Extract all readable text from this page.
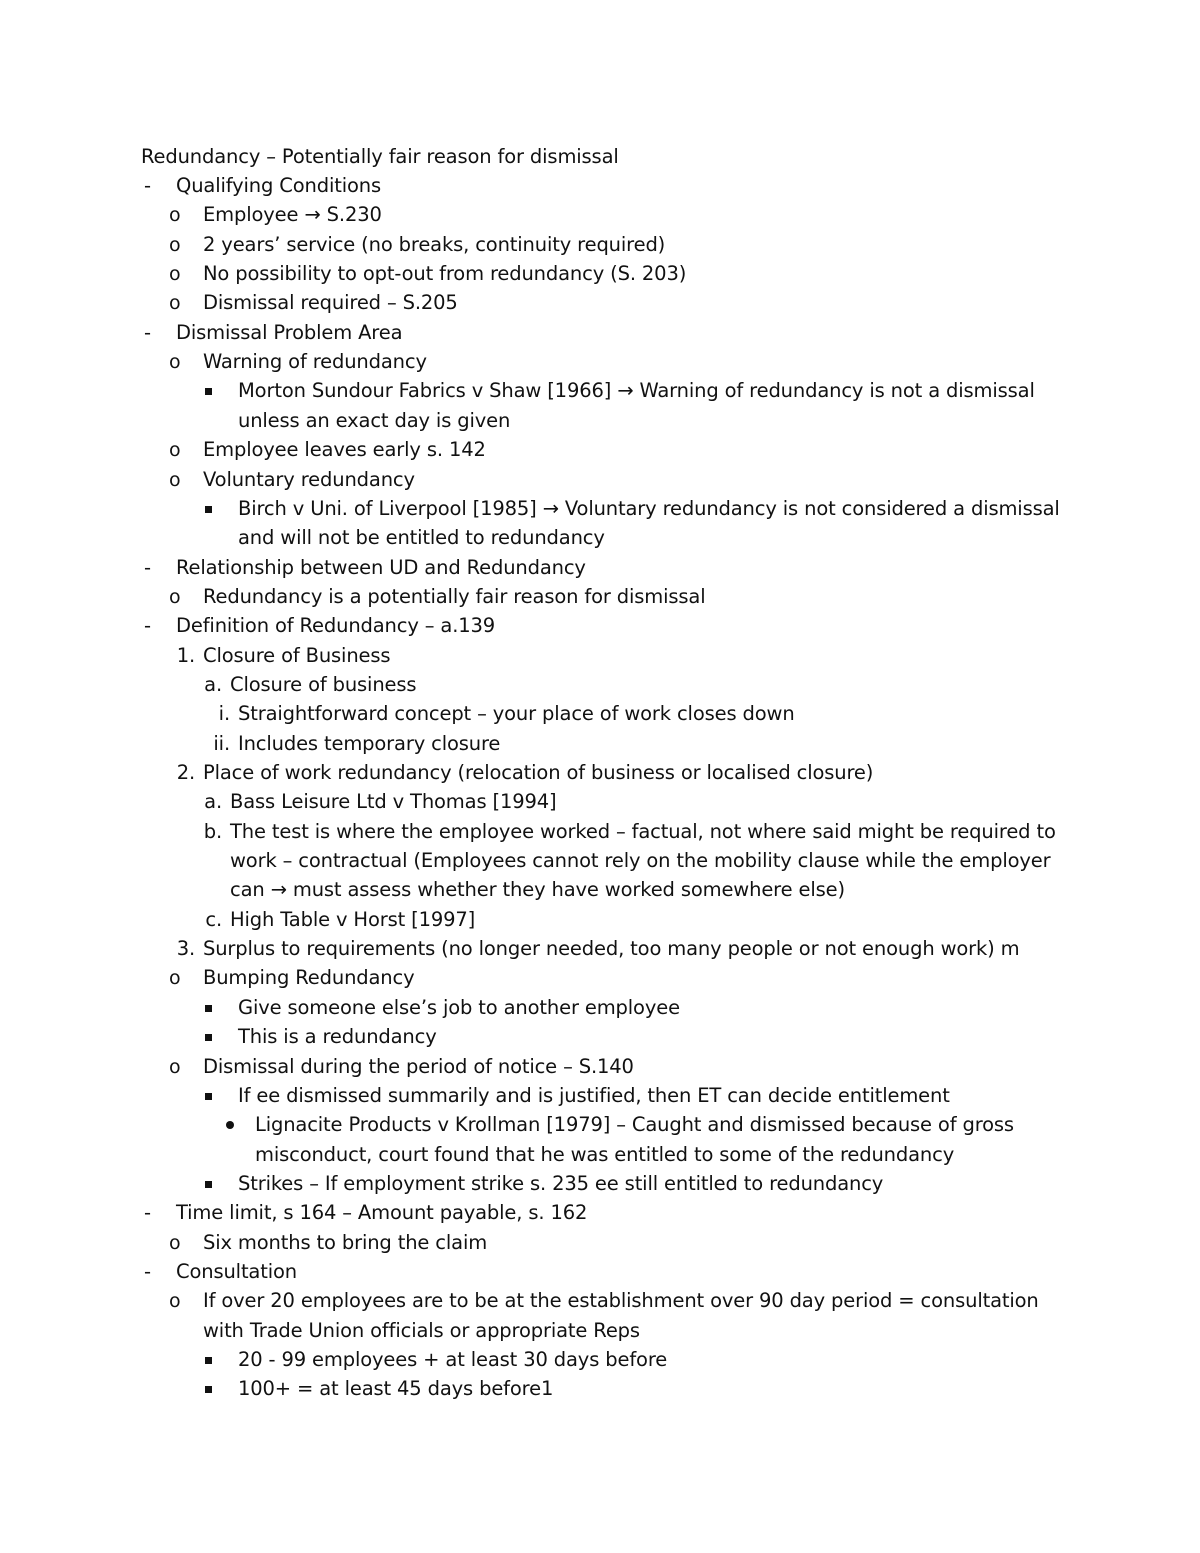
Redundancy – Potentially fair reason for dismissal
- Qualifying Conditions
o Employee → S.230
o 2 years’ service (no breaks, continuity required)
o No possibility to opt-out from redundancy (S. 203)
o Dismissal required – S.205
- Dismissal Problem Area
o Warning of redundancy
Morton Sundour Fabrics v Shaw [1966] → Warning of redundancy is not a dismissal
unless an exact day is given
o Employee leaves early s. 142
o Voluntary redundancy
Birch v Uni. of Liverpool [1985] → Voluntary redundancy is not considered a dismissal
and will not be entitled to redundancy
- Relationship between UD and Redundancy
o Redundancy is a potentially fair reason for dismissal
- Definition of Redundancy – a.139
1. Closure of Business
a. Closure of business
i. Straightforward concept – your place of work closes down
ii. Includes temporary closure
2. Place of work redundancy (relocation of business or localised closure)
a. Bass Leisure Ltd v Thomas [1994]
b. The test is where the employee worked – factual, not where said might be required to
work – contractual (Employees cannot rely on the mobility clause while the employer
can → must assess whether they have worked somewhere else)
c. High Table v Horst [1997]
3. Surplus to requirements (no longer needed, too many people or not enough work) m
o Bumping Redundancy
Give someone else’s job to another employee
This is a redundancy
o Dismissal during the period of notice – S.140
If ee dismissed summarily and is justified, then ET can decide entitlement
Lignacite Products v Krollman [1979] – Caught and dismissed because of gross
misconduct, court found that he was entitled to some of the redundancy
Strikes – If employment strike s. 235 ee still entitled to redundancy
- Time limit, s 164 – Amount payable, s. 162
o Six months to bring the claim
- Consultation
o If over 20 employees are to be at the establishment over 90 day period = consultation
with Trade Union officials or appropriate Reps
20 - 99 employees + at least 30 days before
100+ = at least 45 days before1
